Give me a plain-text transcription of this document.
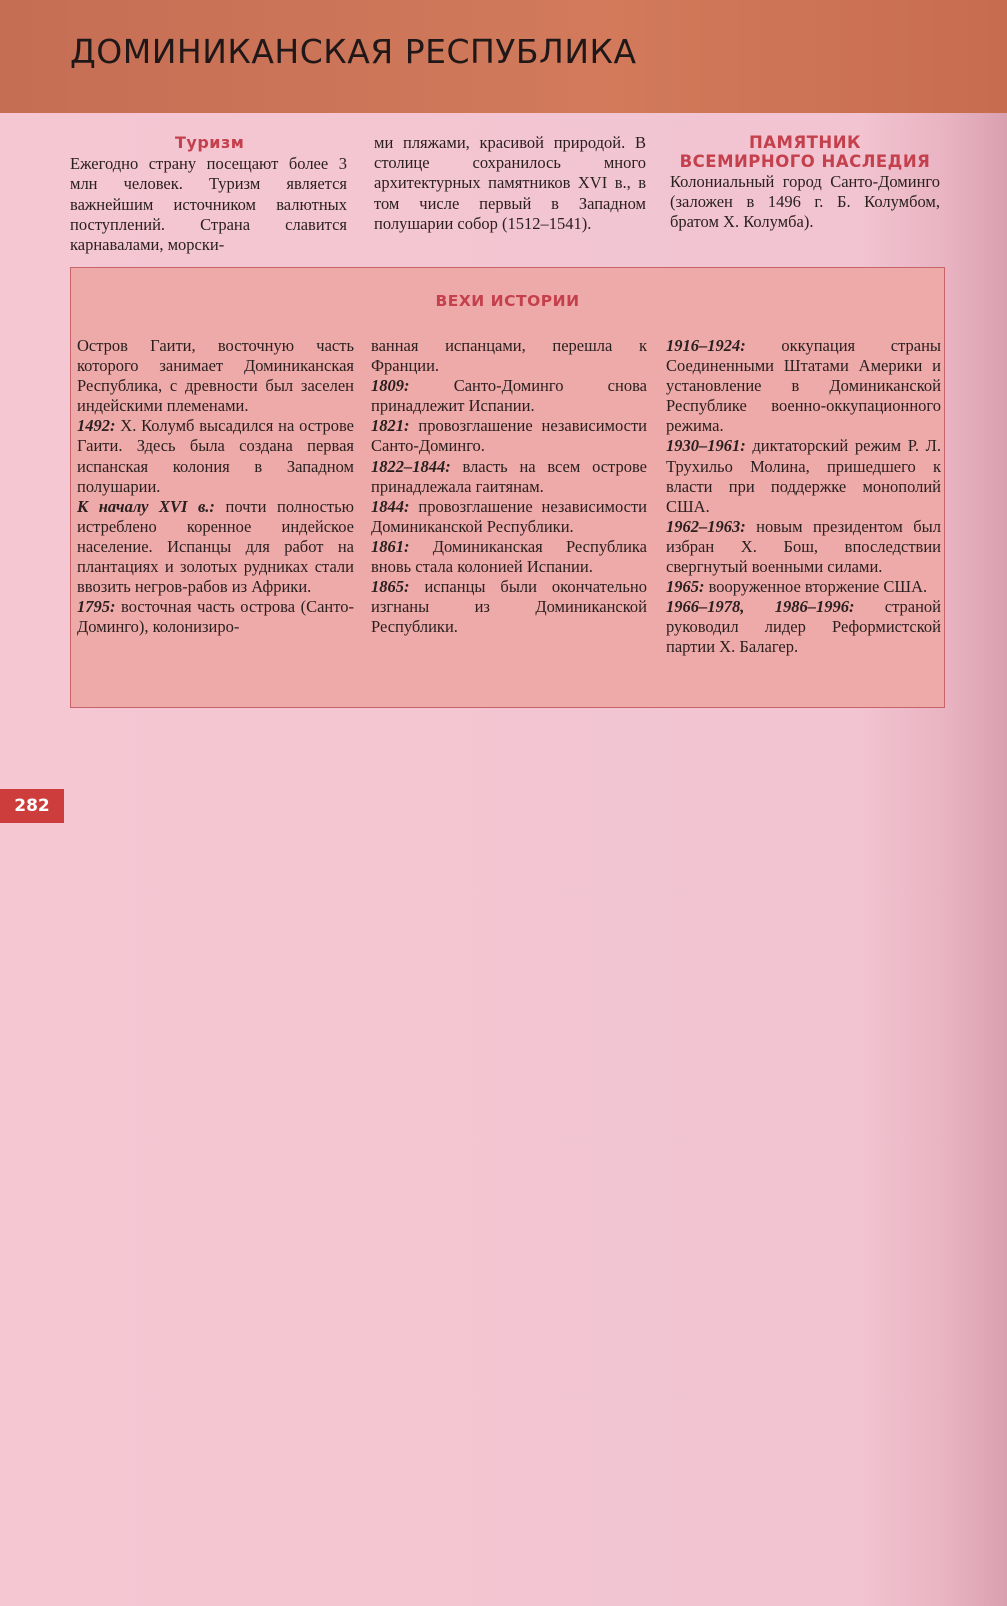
ДОМИНИКАНСКАЯ РЕСПУБЛИКА
Туризм

Ежегодно страну посещают более 3 млн человек. Туризм является важнейшим источником валютных поступлений. Страна славится карнавалами, морски-

ми пляжами, красивой природой. В столице сохранилось много архитектурных памятников XVI в., в том числе первый в Западном полушарии собор (1512–1541).

ПАМЯТНИК
ВСЕМИРНОГО НАСЛЕДИЯ

Колониальный город Санто-Доминго (заложен в 1496 г. Б. Колумбом, братом Х. Колумба).

ВЕХИ ИСТОРИИ

Остров Гаити, восточную часть которого занимает Доминиканская Республика, с древности был заселен индейскими племенами.

1492: Х. Колумб высадился на острове Гаити. Здесь была создана первая испанская колония в Западном полушарии.

К началу XVI в.: почти полностью истреблено коренное индейское население. Испанцы для работ на плантациях и золотых рудниках стали ввозить негров-рабов из Африки.

1795: восточная часть острова (Санто-Доминго), колонизиро-

ванная испанцами, перешла к Франции.

1809: Санто-Доминго снова принадлежит Испании.

1821: провозглашение независимости Санто-Доминго.

1822–1844: власть на всем острове принадлежала гаитянам.

1844: провозглашение независимости Доминиканской Республики.

1861: Доминиканская Республика вновь стала колонией Испании.

1865: испанцы были окончательно изгнаны из Доминиканской Республики.

1916–1924: оккупация страны Соединенными Штатами Америки и установление в Доминиканской Республике военно-оккупационного режима.

1930–1961: диктаторский режим Р. Л. Трухильо Молина, пришедшего к власти при поддержке монополий США.

1962–1963: новым президентом был избран Х. Бош, впоследствии свергнутый военными силами.

1965: вооруженное вторжение США.

1966–1978, 1986–1996: страной руководил лидер Реформистской партии Х. Балагер.

282
